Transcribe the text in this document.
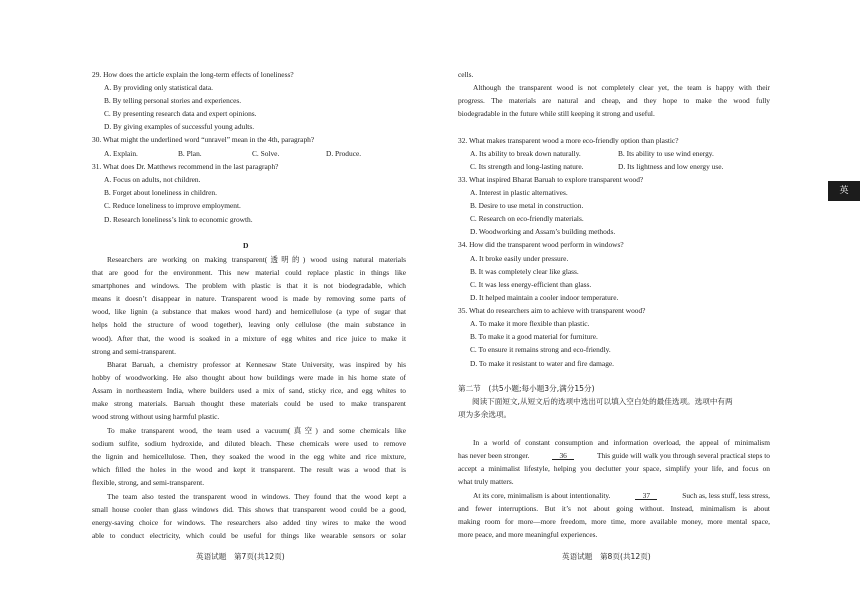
英
29. How does the article explain the long-term effects of loneliness?
A. By providing only statistical data.
B. By telling personal stories and experiences.
C. By presenting research data and expert opinions.
D. By giving examples of successful young adults.
30. What might the underlined word “unravel” mean in the 4th, paragraph?
A. Explain.	B. Plan.	C. Solve.	D. Produce.
31. What does Dr. Matthews recommend in the last paragraph?
A. Focus on adults, not children.
B. Forget about loneliness in children.
C. Reduce loneliness to improve employment.
D. Research loneliness’s link to economic growth.
D
Researchers are working on making transparent(透明的) wood using natural materials
that are good for the environment. This new material could replace plastic in things like
smartphones and windows. The problem with plastic is that it is not biodegradable, which
means it doesn’t disappear in nature. Transparent wood is made by removing some parts of
wood, like lignin (a substance that makes wood hard) and hemicellulose (a type of sugar that
helps hold the structure of wood together), leaving only cellulose (the main substance in
wood). After that, the wood is soaked in a mixture of egg whites and rice juice to make it
strong and semi-transparent.
Bharat Baruah, a chemistry professor at Kennesaw State University, was inspired by his
hobby of woodworking. He also thought about how buildings were made in his home state of
Assam in northeastern India, where builders used a mix of sand, sticky rice, and egg whites to
make strong materials. Baruah thought these materials could be used to make transparent
wood strong without using harmful plastic.
To make transparent wood, the team used a vacuum(真空) and some chemicals like
sodium sulfite, sodium hydroxide, and diluted bleach. These chemicals were used to remove
the lignin and hemicellulose. Then, they soaked the wood in the egg white and rice mixture,
which filled the holes in the wood and kept it transparent. The result was a wood that is
flexible, strong, and semi-transparent.
The team also tested the transparent wood in windows. They found that the wood kept a
small house cooler than glass windows did. This shows that transparent wood could be a good,
energy-saving choice for windows. The researchers also added tiny wires to make the wood
able to conduct electricity, which could be useful for things like wearable sensors or solar
英语试题　第7页(共12页)
cells.
Although the transparent wood is not completely clear yet, the team is happy with their
progress. The materials are natural and cheap, and they hope to make the wood fully
biodegradable in the future while still keeping it strong and useful.
32. What makes transparent wood a more eco-friendly option than plastic?
A. Its ability to break down naturally.	B. Its ability to use wind energy.
C. Its strength and long-lasting nature.	D. Its lightness and low energy use.
33. What inspired Bharat Baruah to explore transparent wood?
A. Interest in plastic alternatives.
B. Desire to use metal in construction.
C. Research on eco-friendly materials.
D. Woodworking and Assam’s building methods.
34. How did the transparent wood perform in windows?
A. It broke easily under pressure.
B. It was completely clear like glass.
C. It was less energy-efficient than glass.
D. It helped maintain a cooler indoor temperature.
35. What do researchers aim to achieve with transparent wood?
A. To make it more flexible than plastic.
B. To make it a good material for furniture.
C. To ensure it remains strong and eco-friendly.
D. To make it resistant to water and fire damage.
第二节　(共5小题;每小题3分,满分15分)
阅读下面短文,从短文后的选项中选出可以填入空白处的最佳选项。选项中有两
项为多余选项。
In a world of constant consumption and information overload, the appeal of minimalism
has never been stronger.	36	This guide will walk you through several practical steps to
accept a minimalist lifestyle, helping you declutter your space, simplify your life, and focus on
what truly matters.
At its core, minimalism is about intentionality.	37	Such as, less stuff, less stress,
and fewer interruptions. But it’s not about going without. Instead, minimalism is about
making room for more—more freedom, more time, more available money, more mental space,
more peace, and more meaningful experiences.
英语试题　第8页(共12页)
